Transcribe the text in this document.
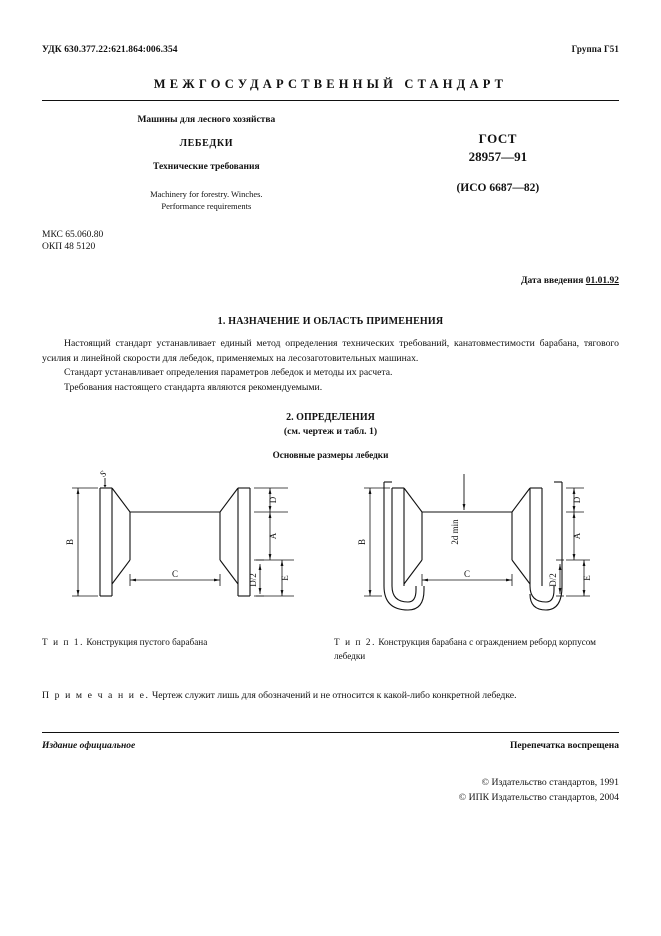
УДК 630.377.22:621.864:006.354	Группа Г51
МЕЖГОСУДАРСТВЕННЫЙ СТАНДАРТ
Машины для лесного хозяйства
ЛЕБЕДКИ
Технические требования
Machinery for forestry. Winches.
Performance requirements
ГОСТ
28957—91
(ИСО 6687—82)
МКС 65.060.80
ОКП 48 5120
Дата введения 01.01.92
1. НАЗНАЧЕНИЕ И ОБЛАСТЬ ПРИМЕНЕНИЯ

Настоящий стандарт устанавливает единый метод определения технических требований, канатовместимости барабана, тягового усилия и линейной скорости для лебедок, применяемых на лесозаготовительных машинах.

Стандарт устанавливает определения параметров лебедок и методы их расчета.

Требования настоящего стандарта являются рекомендуемыми.

2. ОПРЕДЕЛЕНИЯ
(см. чертеж и табл. 1)
Основные размеры лебедки
S
B
D
A
E
C	D/2
Т и п 1. Конструкция пустого барабана
2d min
B
D
A
E
C	D/2
Т и п 2. Конструкция барабана с ограждением реборд корпусом лебедки
П р и м е ч а н и е. Чертеж служит лишь для обозначений и не относится к какой-либо конкретной лебедке.
Издание официальное	Перепечатка воспрещена
© Издательство стандартов, 1991
© ИПК Издательство стандартов, 2004
